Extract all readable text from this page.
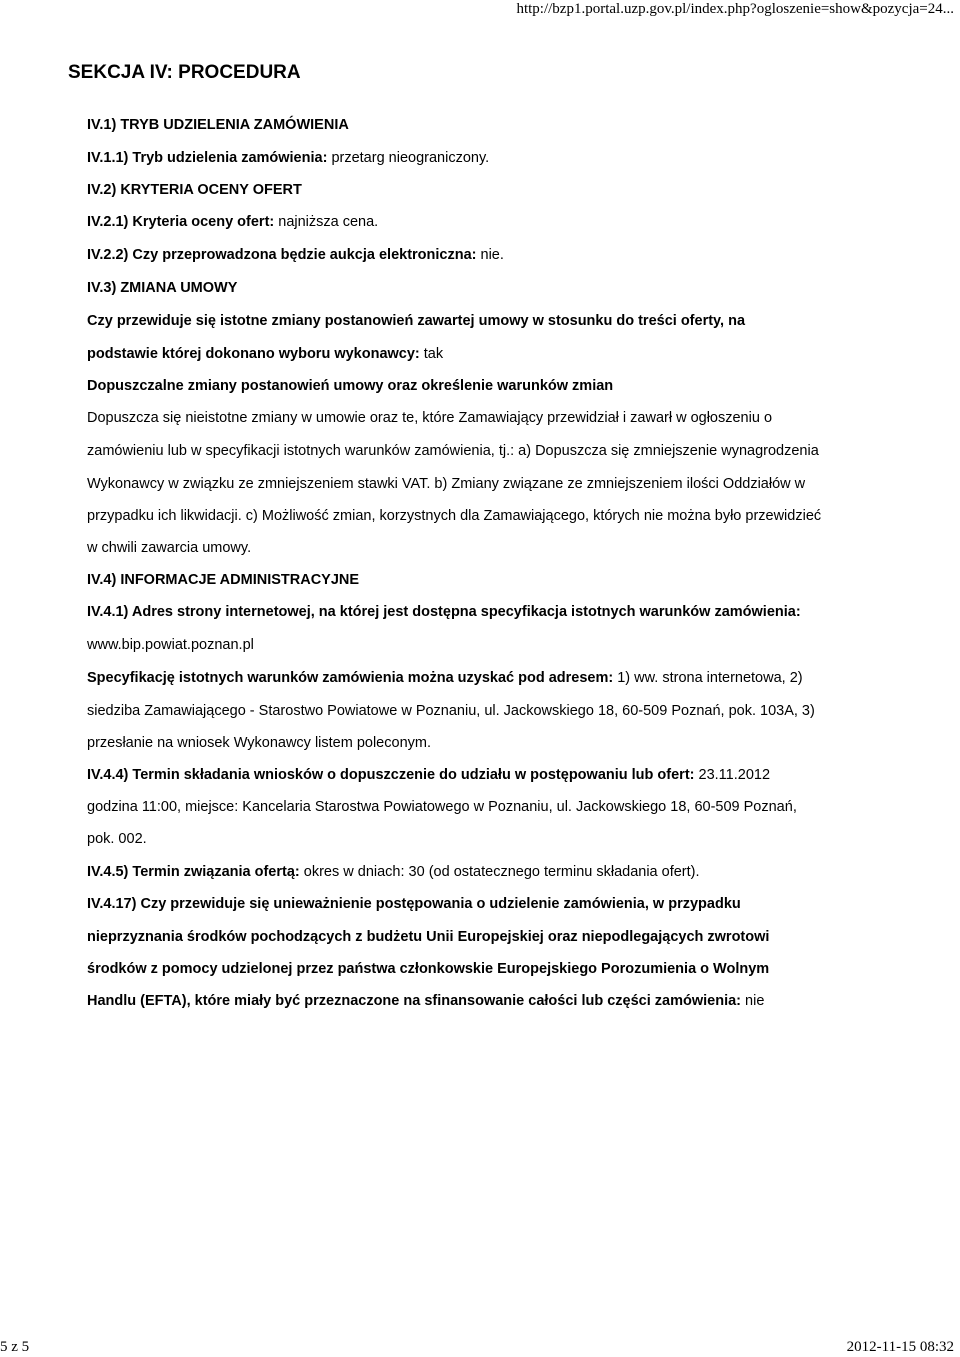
http://bzp1.portal.uzp.gov.pl/index.php?ogloszenie=show&pozycja=24...
SEKCJA IV: PROCEDURA
IV.1) TRYB UDZIELENIA ZAMÓWIENIA
IV.1.1) Tryb udzielenia zamówienia: przetarg nieograniczony.
IV.2) KRYTERIA OCENY OFERT
IV.2.1) Kryteria oceny ofert: najniższa cena.
IV.2.2) Czy przeprowadzona będzie aukcja elektroniczna: nie.
IV.3) ZMIANA UMOWY
Czy przewiduje się istotne zmiany postanowień zawartej umowy w stosunku do treści oferty, na
podstawie której dokonano wyboru wykonawcy: tak
Dopuszczalne zmiany postanowień umowy oraz określenie warunków zmian
Dopuszcza się nieistotne zmiany w umowie oraz te, które Zamawiający przewidział i zawarł w ogłoszeniu o
zamówieniu lub w specyfikacji istotnych warunków zamówienia, tj.: a) Dopuszcza się zmniejszenie wynagrodzenia
Wykonawcy w związku ze zmniejszeniem stawki VAT. b) Zmiany związane ze zmniejszeniem ilości Oddziałów w
przypadku ich likwidacji. c) Możliwość zmian, korzystnych dla Zamawiającego, których nie można było przewidzieć
w chwili zawarcia umowy.
IV.4) INFORMACJE ADMINISTRACYJNE
IV.4.1) Adres strony internetowej, na której jest dostępna specyfikacja istotnych warunków zamówienia:
www.bip.powiat.poznan.pl
Specyfikację istotnych warunków zamówienia można uzyskać pod adresem: 1) ww. strona internetowa, 2)
siedziba Zamawiającego - Starostwo Powiatowe w Poznaniu, ul. Jackowskiego 18, 60-509 Poznań, pok. 103A, 3)
przesłanie na wniosek Wykonawcy listem poleconym.
IV.4.4) Termin składania wniosków o dopuszczenie do udziału w postępowaniu lub ofert: 23.11.2012
godzina 11:00, miejsce: Kancelaria Starostwa Powiatowego w Poznaniu, ul. Jackowskiego 18, 60-509 Poznań,
pok. 002.
IV.4.5) Termin związania ofertą: okres w dniach: 30 (od ostatecznego terminu składania ofert).
IV.4.17) Czy przewiduje się unieważnienie postępowania o udzielenie zamówienia, w przypadku
nieprzyznania środków pochodzących z budżetu Unii Europejskiej oraz niepodlegających zwrotowi
środków z pomocy udzielonej przez państwa członkowskie Europejskiego Porozumienia o Wolnym
Handlu (EFTA), które miały być przeznaczone na sfinansowanie całości lub części zamówienia: nie
5 z 5	2012-11-15 08:32
